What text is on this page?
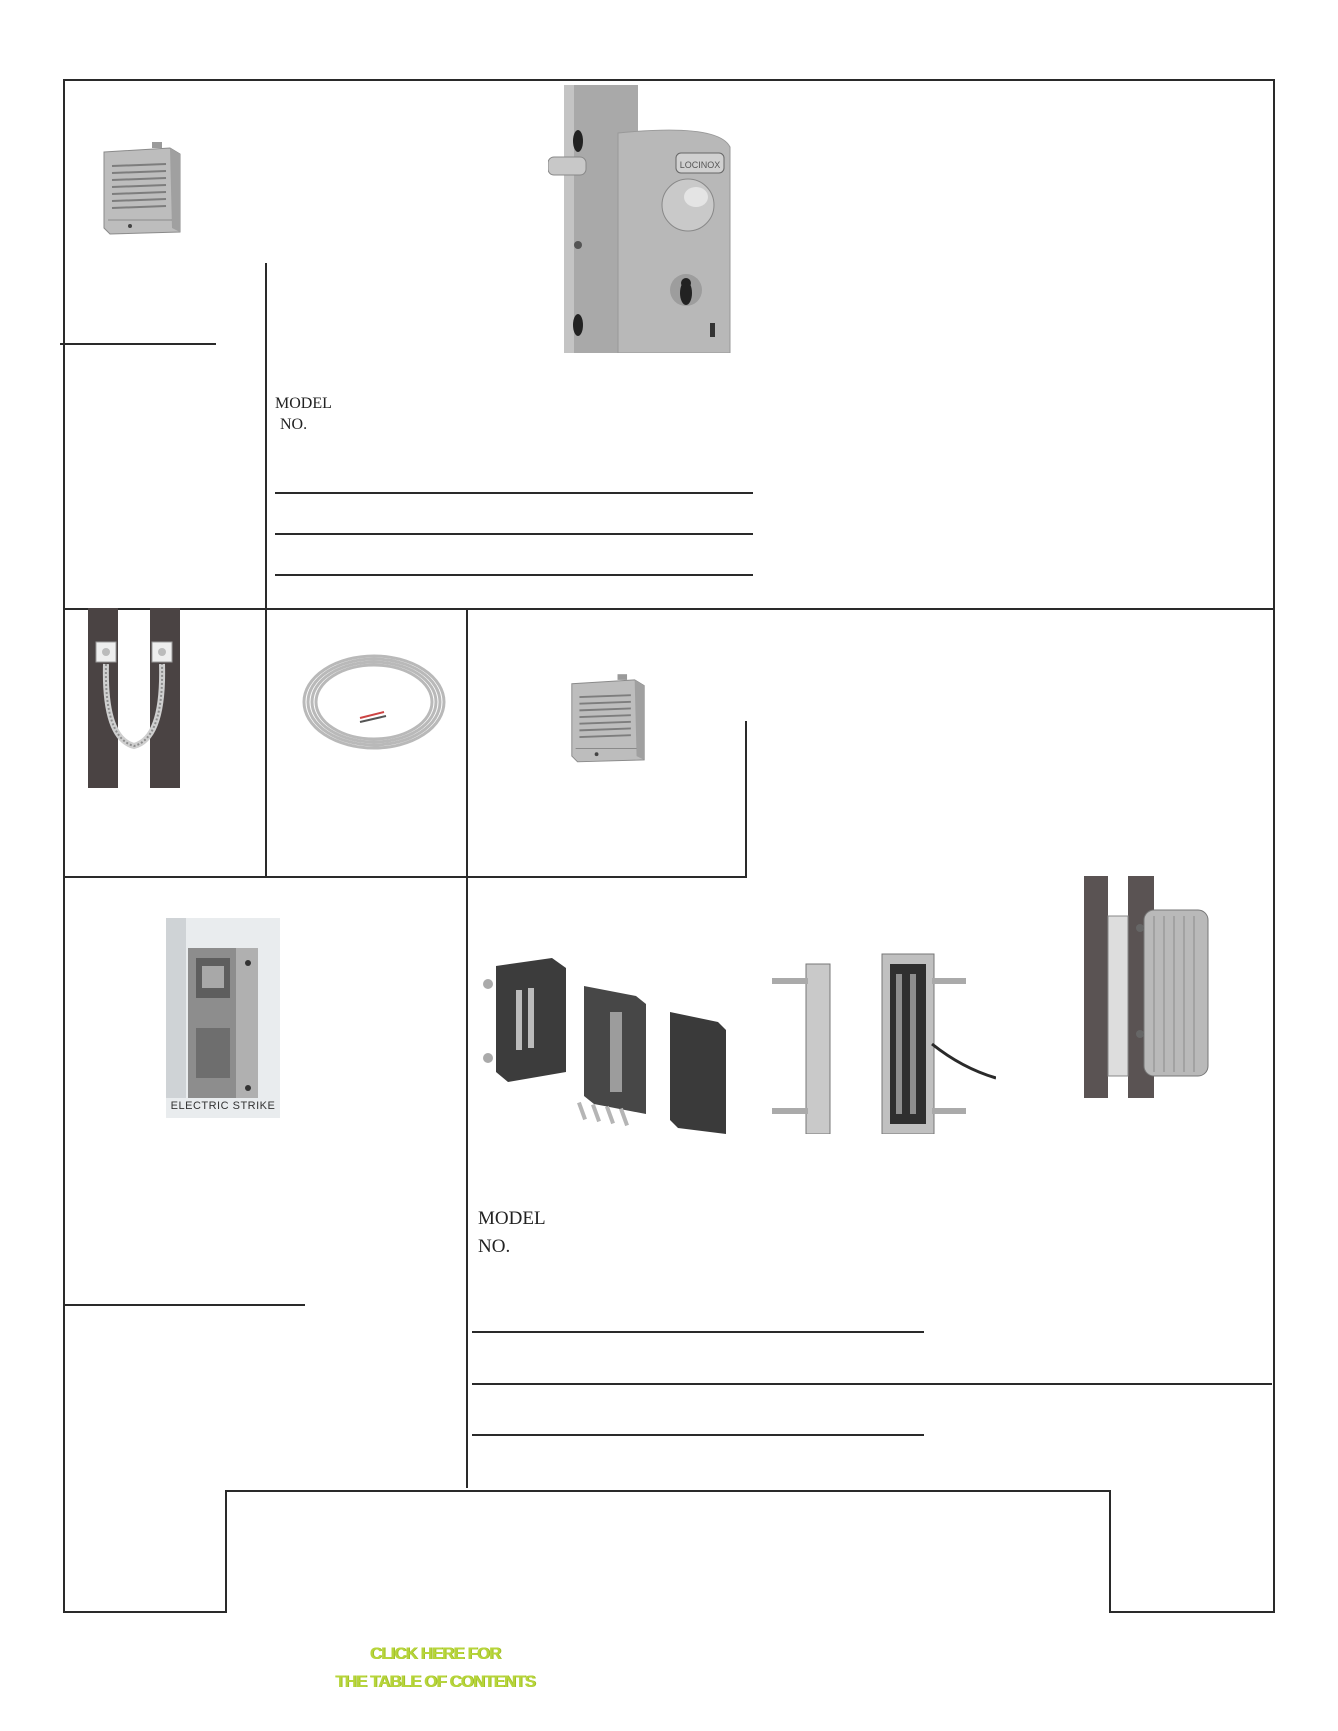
LOCINOX
MODEL
NO.
ELECTRIC STRIKE
MODEL
NO.
CLICK HERE FOR
THE TABLE OF CONTENTS
